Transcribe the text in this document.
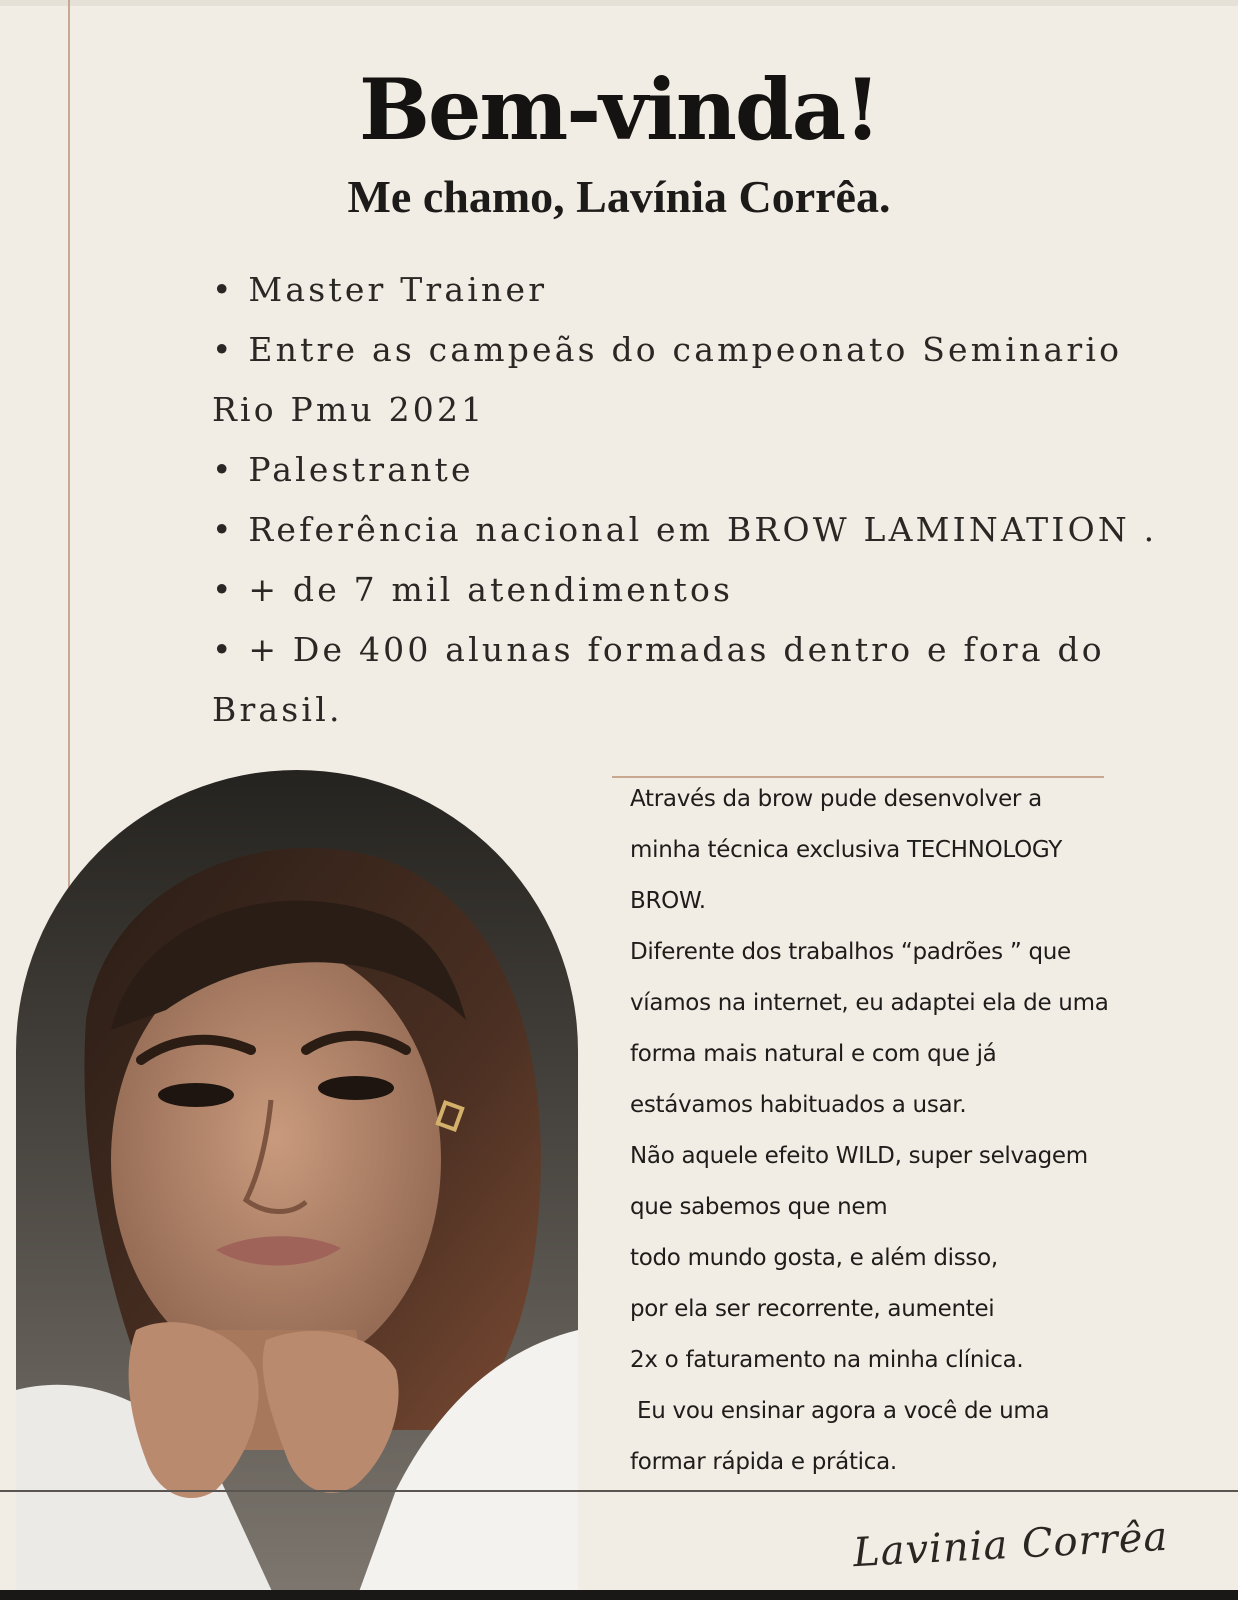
Bem-vinda!
Me chamo, Lavínia Corrêa.
• Master Trainer
• Entre as campeãs do campeonato Seminario
Rio Pmu 2021
• Palestrante
• Referência nacional em BROW LAMINATION .
• + de 7 mil atendimentos
• + De 400 alunas formadas dentro e fora do
Brasil.
Através da brow pude desenvolver a
minha técnica exclusiva TECHNOLOGY
BROW.
Diferente dos trabalhos “padrões ” que
víamos na internet, eu adaptei ela de uma
forma mais natural e com que já
estávamos habituados a usar.
Não aquele efeito WILD, super selvagem
que sabemos que nem
todo mundo gosta, e além disso,
por ela ser recorrente, aumentei
2x o faturamento na minha clínica.
Eu vou ensinar agora a você de uma
formar rápida e prática.
Lavinia Corrêa
